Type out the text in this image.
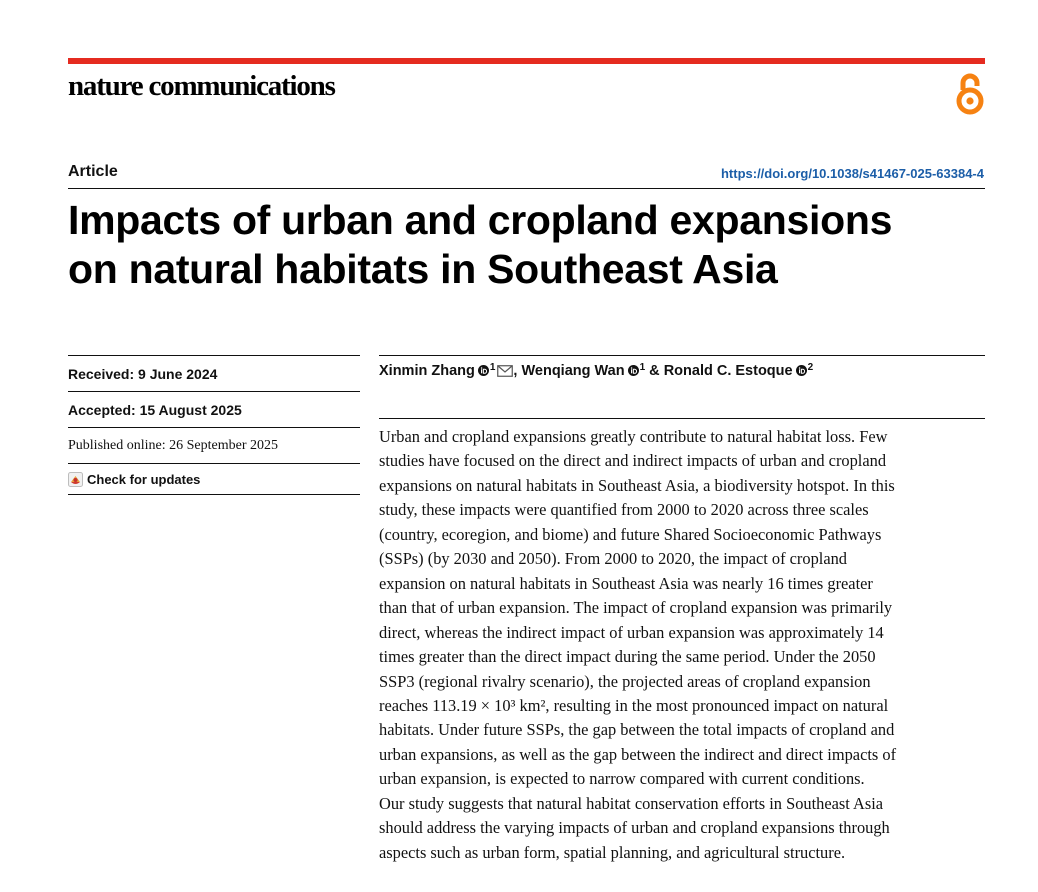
nature communications
Article	https://doi.org/10.1038/s41467-025-63384-4
Impacts of urban and cropland expansions
on natural habitats in Southeast Asia
Received: 9 June 2024
Accepted: 15 August 2025
Published online: 26 September 2025
Check for updates
Xinmin Zhang $^1$ , Wenqiang Wan $^1$ & Ronald C. Estoque $^2$

Urban and cropland expansions greatly contribute to natural habitat loss. Few
studies have focused on the direct and indirect impacts of urban and cropland
expansions on natural habitats in Southeast Asia, a biodiversity hotspot. In this
study, these impacts were quantified from 2000 to 2020 across three scales
(country, ecoregion, and biome) and future Shared Socioeconomic Pathways
(SSPs) (by 2030 and 2050). From 2000 to 2020, the impact of cropland
expansion on natural habitats in Southeast Asia was nearly 16 times greater
than that of urban expansion. The impact of cropland expansion was primarily
direct, whereas the indirect impact of urban expansion was approximately 14
times greater than the direct impact during the same period. Under the 2050
SSP3 (regional rivalry scenario), the projected areas of cropland expansion
reaches 113.19 × 10³ km², resulting in the most pronounced impact on natural
habitats. Under future SSPs, the gap between the total impacts of cropland and
urban expansions, as well as the gap between the indirect and direct impacts of
urban expansion, is expected to narrow compared with current conditions.
Our study suggests that natural habitat conservation efforts in Southeast Asia
should address the varying impacts of urban and cropland expansions through
aspects such as urban form, spatial planning, and agricultural structure.
